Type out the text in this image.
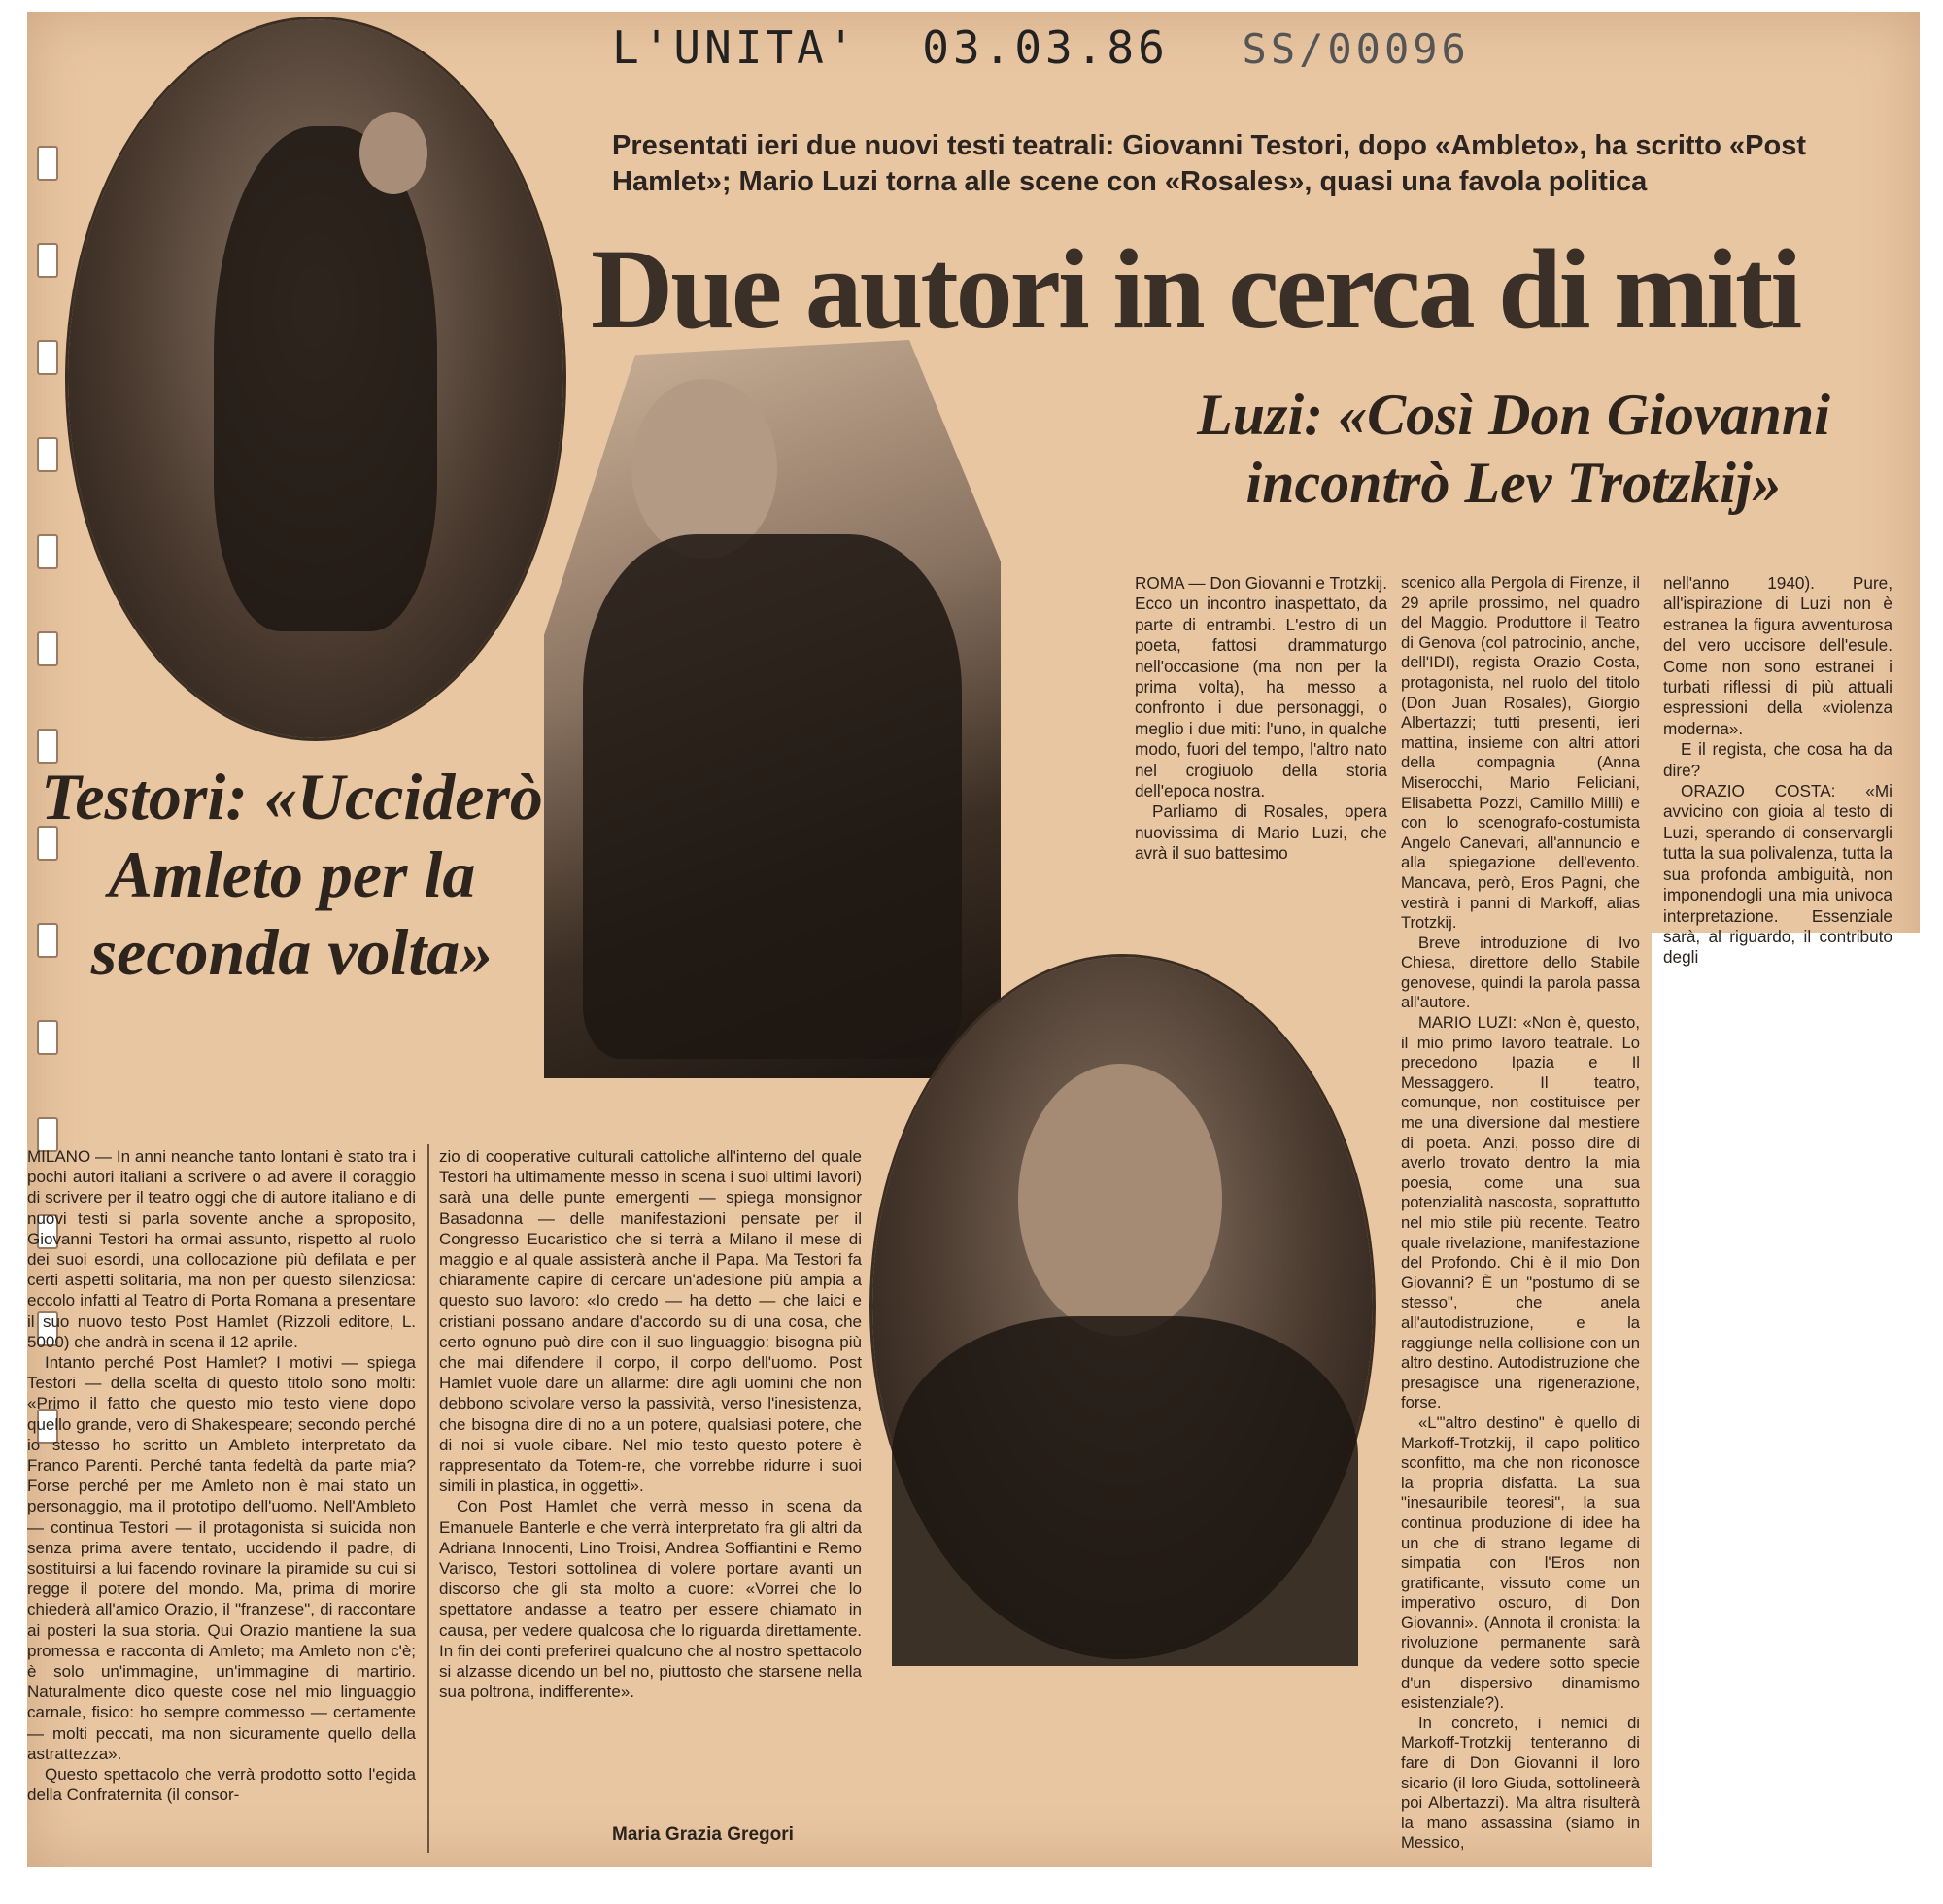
L'UNITA' 03.03.86 SS/00096
Presentati ieri due nuovi testi teatrali: Giovanni Testori, dopo «Ambleto», ha scritto «Post Hamlet»; Mario Luzi torna alle scene con «Rosales», quasi una favola politica
Due autori in cerca di miti
Luzi: «Così Don Giovanni incontrò Lev Trotzkij»
Testori: «Ucciderò Amleto per la seconda volta»

ROMA — Don Giovanni e Trotzkij. Ecco un incontro inaspettato, da parte di entrambi. L'estro di un poeta, fattosi drammaturgo nell'occasione (ma non per la prima volta), ha messo a confronto i due personaggi, o meglio i due miti: l'uno, in qualche modo, fuori del tempo, l'altro nato nel crogiuolo della storia dell'epoca nostra.

Parliamo di Rosales, opera nuovissima di Mario Luzi, che avrà il suo battesimo

scenico alla Pergola di Firenze, il 29 aprile prossimo, nel quadro del Maggio. Produttore il Teatro di Genova (col patrocinio, anche, dell'IDI), regista Orazio Costa, protagonista, nel ruolo del titolo (Don Juan Rosales), Giorgio Albertazzi; tutti presenti, ieri mattina, insieme con altri attori della compagnia (Anna Miserocchi, Mario Feliciani, Elisabetta Pozzi, Camillo Milli) e con lo scenografo-costumista Angelo Canevari, all'annuncio e alla spiegazione dell'evento. Mancava, però, Eros Pagni, che vestirà i panni di Markoff, alias Trotzkij.

Breve introduzione di Ivo Chiesa, direttore dello Stabile genovese, quindi la parola passa all'autore.

MARIO LUZI: «Non è, questo, il mio primo lavoro teatrale. Lo precedono Ipazia e Il Messaggero. Il teatro, comunque, non costituisce per me una diversione dal mestiere di poeta. Anzi, posso dire di averlo trovato dentro la mia poesia, come una sua potenzialità nascosta, soprattutto nel mio stile più recente. Teatro quale rivelazione, manifestazione del Profondo. Chi è il mio Don Giovanni? È un "postumo di se stesso", che anela all'autodistruzione, e la raggiunge nella collisione con un altro destino. Autodistruzione che presagisce una rigenerazione, forse.

«L'"altro destino" è quello di Markoff-Trotzkij, il capo politico sconfitto, ma che non riconosce la propria disfatta. La sua "inesauribile teoresi", la sua continua produzione di idee ha un che di strano legame di simpatia con l'Eros non gratificante, vissuto come un imperativo oscuro, di Don Giovanni». (Annota il cronista: la rivoluzione permanente sarà dunque da vedere sotto specie d'un dispersivo dinamismo esistenziale?).

In concreto, i nemici di Markoff-Trotzkij tenteranno di fare di Don Giovanni il loro sicario (il loro Giuda, sottolineerà poi Albertazzi). Ma altra risulterà la mano assassina (siamo in Messico,

nell'anno 1940). Pure, all'ispirazione di Luzi non è estranea la figura avventurosa del vero uccisore dell'esule. Come non sono estranei i turbati riflessi di più attuali espressioni della «violenza moderna».

E il regista, che cosa ha da dire?

ORAZIO COSTA: «Mi avvicino con gioia al testo di Luzi, sperando di conservargli tutta la sua polivalenza, tutta la sua profonda ambiguità, non imponendogli una mia univoca interpretazione. Essenziale sarà, al riguardo, il contributo degli

MILANO — In anni neanche tanto lontani è stato tra i pochi autori italiani a scrivere o ad avere il coraggio di scrivere per il teatro oggi che di autore italiano e di nuovi testi si parla sovente anche a sproposito, Giovanni Testori ha ormai assunto, rispetto al ruolo dei suoi esordi, una collocazione più defilata e per certi aspetti solitaria, ma non per questo silenziosa: eccolo infatti al Teatro di Porta Romana a presentare il suo nuovo testo Post Hamlet (Rizzoli editore, L. 5000) che andrà in scena il 12 aprile.

Intanto perché Post Hamlet? I motivi — spiega Testori — della scelta di questo titolo sono molti: «Primo il fatto che questo mio testo viene dopo quello grande, vero di Shakespeare; secondo perché io stesso ho scritto un Ambleto interpretato da Franco Parenti. Perché tanta fedeltà da parte mia? Forse perché per me Amleto non è mai stato un personaggio, ma il prototipo dell'uomo. Nell'Ambleto — continua Testori — il protagonista si suicida non senza prima avere tentato, uccidendo il padre, di sostituirsi a lui facendo rovinare la piramide su cui si regge il potere del mondo. Ma, prima di morire chiederà all'amico Orazio, il "franzese", di raccontare ai posteri la sua storia. Qui Orazio mantiene la sua promessa e racconta di Amleto; ma Amleto non c'è; è solo un'immagine, un'immagine di martirio. Naturalmente dico queste cose nel mio linguaggio carnale, fisico: ho sempre commesso — certamente — molti peccati, ma non sicuramente quello della astrattezza».

Questo spettacolo che verrà prodotto sotto l'egida della Confraternita (il consor-

zio di cooperative culturali cattoliche all'interno del quale Testori ha ultimamente messo in scena i suoi ultimi lavori) sarà una delle punte emergenti — spiega monsignor Basadonna — delle manifestazioni pensate per il Congresso Eucaristico che si terrà a Milano il mese di maggio e al quale assisterà anche il Papa. Ma Testori fa chiaramente capire di cercare un'adesione più ampia a questo suo lavoro: «Io credo — ha detto — che laici e cristiani possano andare d'accordo su di una cosa, che certo ognuno può dire con il suo linguaggio: bisogna più che mai difendere il corpo, il corpo dell'uomo. Post Hamlet vuole dare un allarme: dire agli uomini che non debbono scivolare verso la passività, verso l'inesistenza, che bisogna dire di no a un potere, qualsiasi potere, che di noi si vuole cibare. Nel mio testo questo potere è rappresentato da Totem-re, che vorrebbe ridurre i suoi simili in plastica, in oggetti».

Con Post Hamlet che verrà messo in scena da Emanuele Banterle e che verrà interpretato fra gli altri da Adriana Innocenti, Lino Troisi, Andrea Soffiantini e Remo Varisco, Testori sottolinea di volere portare avanti un discorso che gli sta molto a cuore: «Vorrei che lo spettatore andasse a teatro per essere chiamato in causa, per vedere qualcosa che lo riguarda direttamente. In fin dei conti preferirei qualcuno che al nostro spettacolo si alzasse dicendo un bel no, piuttosto che starsene nella sua poltrona, indifferente».

Maria Grazia Gregori
